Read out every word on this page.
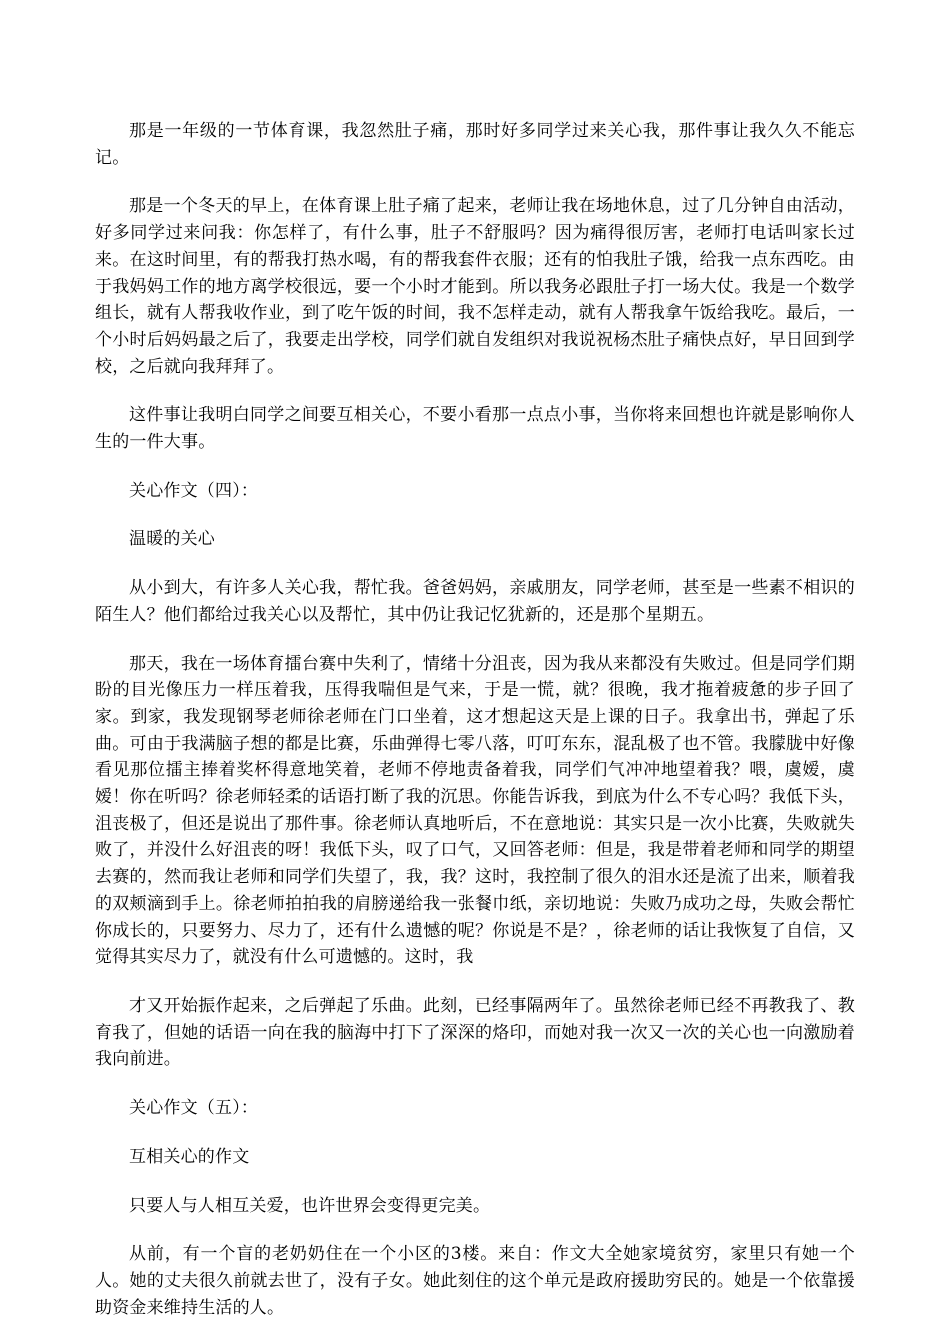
那是一年级的一节体育课，我忽然肚子痛，那时好多同学过来关心我，那件事让我久久不能忘记。

那是一个冬天的早上，在体育课上肚子痛了起来，老师让我在场地休息，过了几分钟自由活动，好多同学过来问我：你怎样了，有什么事，肚子不舒服吗？因为痛得很厉害，老师打电话叫家长过来。在这时间里，有的帮我打热水喝，有的帮我套件衣服；还有的怕我肚子饿，给我一点东西吃。由于我妈妈工作的地方离学校很远，要一个小时才能到。所以我务必跟肚子打一场大仗。我是一个数学组长，就有人帮我收作业，到了吃午饭的时间，我不怎样走动，就有人帮我拿午饭给我吃。最后，一个小时后妈妈最之后了，我要走出学校，同学们就自发组织对我说祝杨杰肚子痛快点好，早日回到学校，之后就向我拜拜了。

这件事让我明白同学之间要互相关心，不要小看那一点点小事，当你将来回想也许就是影响你人生的一件大事。

关心作文（四）：

温暖的关心

从小到大，有许多人关心我，帮忙我。爸爸妈妈，亲戚朋友，同学老师，甚至是一些素不相识的陌生人？他们都给过我关心以及帮忙，其中仍让我记忆犹新的，还是那个星期五。

那天，我在一场体育擂台赛中失利了，情绪十分沮丧，因为我从来都没有失败过。但是同学们期盼的目光像压力一样压着我，压得我喘但是气来，于是一慌，就？很晚，我才拖着疲惫的步子回了家。到家，我发现钢琴老师徐老师在门口坐着，这才想起这天是上课的日子。我拿出书，弹起了乐曲。可由于我满脑子想的都是比赛，乐曲弹得七零八落，叮叮东东，混乱极了也不管。我朦胧中好像看见那位擂主捧着奖杯得意地笑着，老师不停地责备着我，同学们气冲冲地望着我？喂，虞嫒，虞嫒！你在听吗？徐老师轻柔的话语打断了我的沉思。你能告诉我，到底为什么不专心吗？我低下头，沮丧极了，但还是说出了那件事。徐老师认真地听后，不在意地说：其实只是一次小比赛，失败就失败了，并没什么好沮丧的呀！我低下头，叹了口气，又回答老师：但是，我是带着老师和同学的期望去赛的，然而我让老师和同学们失望了，我，我？这时，我控制了很久的泪水还是流了出来，顺着我的双颊滴到手上。徐老师拍拍我的肩膀递给我一张餐巾纸，亲切地说：失败乃成功之母，失败会帮忙你成长的，只要努力、尽力了，还有什么遗憾的呢？你说是不是？，徐老师的话让我恢复了自信，又觉得其实尽力了，就没有什么可遗憾的。这时，我

才又开始振作起来，之后弹起了乐曲。此刻，已经事隔两年了。虽然徐老师已经不再教我了、教育我了，但她的话语一向在我的脑海中打下了深深的烙印，而她对我一次又一次的关心也一向激励着我向前进。

关心作文（五）：

互相关心的作文

只要人与人相互关爱，也许世界会变得更完美。

从前，有一个盲的老奶奶住在一个小区的3楼。来自：作文大全她家境贫穷，家里只有她一个人。她的丈夫很久前就去世了，没有子女。她此刻住的这个单元是政府援助穷民的。她是一个依靠援助资金来维持生活的人。
